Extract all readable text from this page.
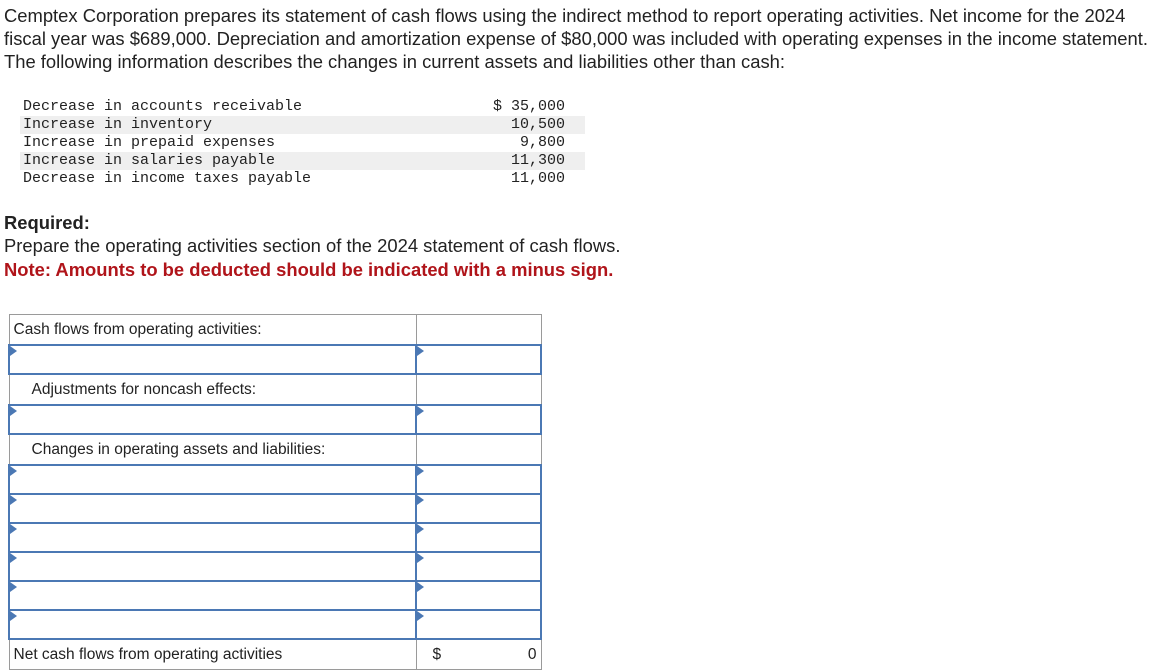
Cemptex Corporation prepares its statement of cash flows using the indirect method to report operating activities. Net income for the 2024 fiscal year was $689,000. Depreciation and amortization expense of $80,000 was included with operating expenses in the income statement. The following information describes the changes in current assets and liabilities other than cash:

Decrease in accounts receivable	$ 35,000
Increase in inventory	10,500
Increase in prepaid expenses	9,800
Increase in salaries payable	11,300
Decrease in income taxes payable	11,000

Required:

Prepare the operating activities section of the 2024 statement of cash flows.

Note: Amounts to be deducted should be indicated with a minus sign.

Cash flows from operating activities:	

Adjustments for noncash effects:	

Changes in operating assets and liabilities:	

Net cash flows from operating activities	$ 0
